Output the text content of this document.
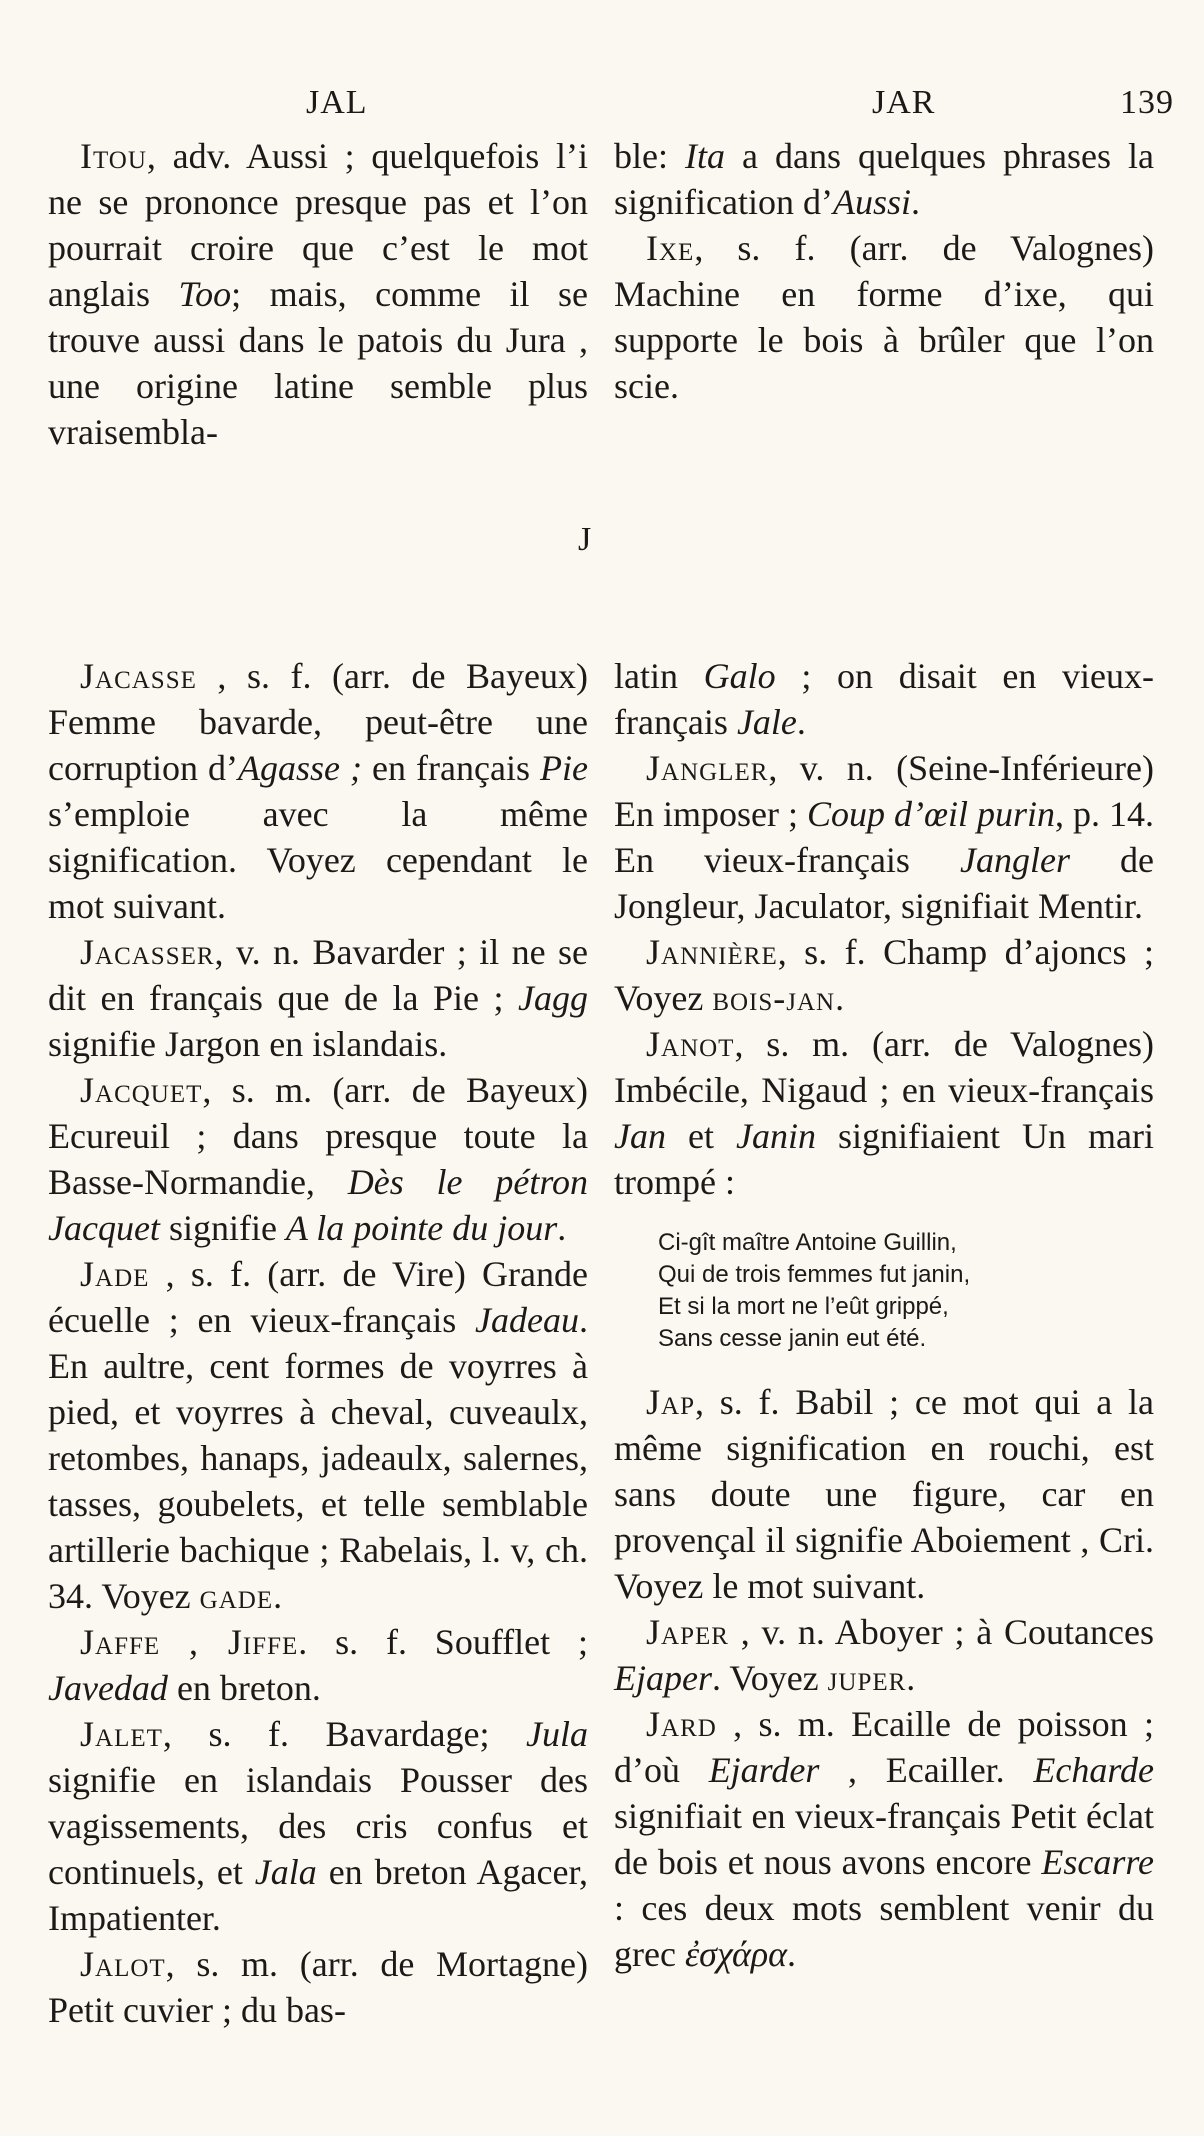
JAL	JAR	139

Itou, adv. Aussi ; quelquefois l’i ne se prononce presque pas et l’on pourrait croire que c’est le mot anglais Too; mais, comme il se trouve aussi dans le patois du Jura , une origine latine semble plus vraisembla-

ble: Ita a dans quelques phrases la signification d’Aussi.

Ixe, s. f. (arr. de Valognes) Machine en forme d’ixe, qui supporte le bois à brûler que l’on scie.

J

Jacasse , s. f. (arr. de Bayeux) Femme bavarde, peut-être une corruption d’Agasse ; en français Pie s’emploie avec la même signification. Voyez cependant le mot suivant.

Jacasser, v. n. Bavarder ; il ne se dit en français que de la Pie ; Jagg signifie Jargon en islandais.

Jacquet, s. m. (arr. de Bayeux) Ecureuil ; dans presque toute la Basse-Normandie, Dès le pétron Jacquet signifie A la pointe du jour.

Jade , s. f. (arr. de Vire) Grande écuelle ; en vieux-français Jadeau. En aultre, cent formes de voyrres à pied, et voyrres à cheval, cuveaulx, retombes, hanaps, jadeaulx, salernes, tasses, goubelets, et telle semblable artillerie bachique ; Rabelais, l. v, ch. 34. Voyez gade.

Jaffe , Jiffe. s. f. Soufflet ; Javedad en breton.

Jalet, s. f. Bavardage; Jula signifie en islandais Pousser des vagissements, des cris confus et continuels, et Jala en breton Agacer, Impatienter.

Jalot, s. m. (arr. de Mortagne) Petit cuvier ; du bas-

latin Galo ; on disait en vieux-français Jale.

Jangler, v. n. (Seine-Inférieure) En imposer ; Coup d’œil purin, p. 14. En vieux-français Jangler de Jongleur, Jaculator, signifiait Mentir.

Jannière, s. f. Champ d’ajoncs ; Voyez bois-jan.

Janot, s. m. (arr. de Valognes) Imbécile, Nigaud ; en vieux-français Jan et Janin signifiaient Un mari trompé :

Ci-gît maître Antoine Guillin,
Qui de trois femmes fut janin,
Et si la mort ne l’eût grippé,
Sans cesse janin eut été.

Jap, s. f. Babil ; ce mot qui a la même signification en rouchi, est sans doute une figure, car en provençal il signifie Aboiement , Cri. Voyez le mot suivant.

Japer , v. n. Aboyer ; à Coutances Ejaper. Voyez juper.

Jard , s. m. Ecaille de poisson ; d’où Ejarder , Ecailler. Echarde signifiait en vieux-français Petit éclat de bois et nous avons encore Escarre : ces deux mots semblent venir du grec ἐσχάρα.
